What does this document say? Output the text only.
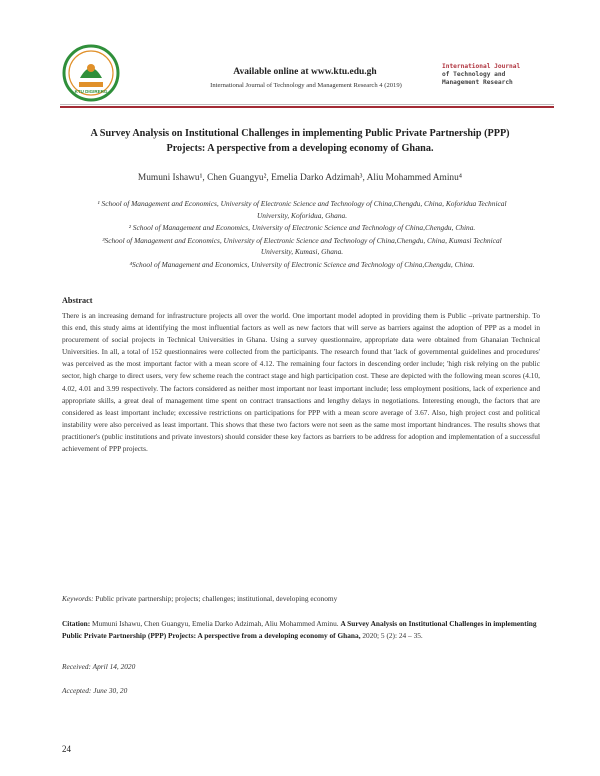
KTU DIGIRERG
Available online at www.ktu.edu.gh
International Journal of Technology and Management Research 4 (2019)
International Journal
of Technology and
Management Research
A Survey Analysis on Institutional Challenges in implementing Public Private Partnership (PPP) Projects: A perspective from a developing economy of Ghana.
Mumuni Ishawu¹, Chen Guangyu², Emelia Darko Adzimah³, Aliu Mohammed Aminu⁴

¹ School of Management and Economics, University of Electronic Science and Technology of China,Chengdu, China, Koforidua Technical University, Koforidua, Ghana.

² School of Management and Economics, University of Electronic Science and Technology of China,Chengdu, China.

³School of Management and Economics, University of Electronic Science and Technology of China,Chengdu, China, Kumasi Technical University, Kumasi, Ghana.

⁴School of Management and Economics, University of Electronic Science and Technology of China,Chengdu, China.

Abstract
There is an increasing demand for infrastructure projects all over the world. One important model adopted in providing them is Public –private partnership. To this end, this study aims at identifying the most influential factors as well as new factors that will serve as barriers against the adoption of PPP as a model in procurement of social projects in Technical Universities in Ghana. Using a survey questionnaire, appropriate data were obtained from Ghanaian Technical Universities. In all, a total of 152 questionnaires were collected from the participants. The research found that 'lack of governmental guidelines and procedures' was perceived as the most important factor with a mean score of 4.12. The remaining four factors in descending order include; 'high risk relying on the public sector, high charge to direct users, very few scheme reach the contract stage and high participation cost. These are depicted with the following mean scores (4.10, 4.02, 4.01 and 3.99 respectively. The factors considered as neither most important nor least important include; less employment positions, lack of experience and appropriate skills, a great deal of management time spent on contract transactions and lengthy delays in negotiations. Interesting enough, the factors that are considered as least important include; excessive restrictions on participations for PPP with a mean score average of 3.67. Also, high project cost and political instability were also perceived as least important. This shows that these two factors were not seen as the same most important hindrances. The results shows that practitioner's (public institutions and private investors) should consider these key factors as barriers to be address for adoption and implementation of a successful achievement of PPP projects.
Keywords: Public private partnership; projects; challenges; institutional, developing economy
Citation: Mumuni Ishawu, Chen Guangyu, Emelia Darko Adzimah, Aliu Mohammed Aminu. A Survey Analysis on Institutional Challenges in implementing Public Private Partnership (PPP) Projects: A perspective from a developing economy of Ghana, 2020; 5 (2): 24 – 35.
Received: April 14, 2020
Accepted: June 30, 20
24
